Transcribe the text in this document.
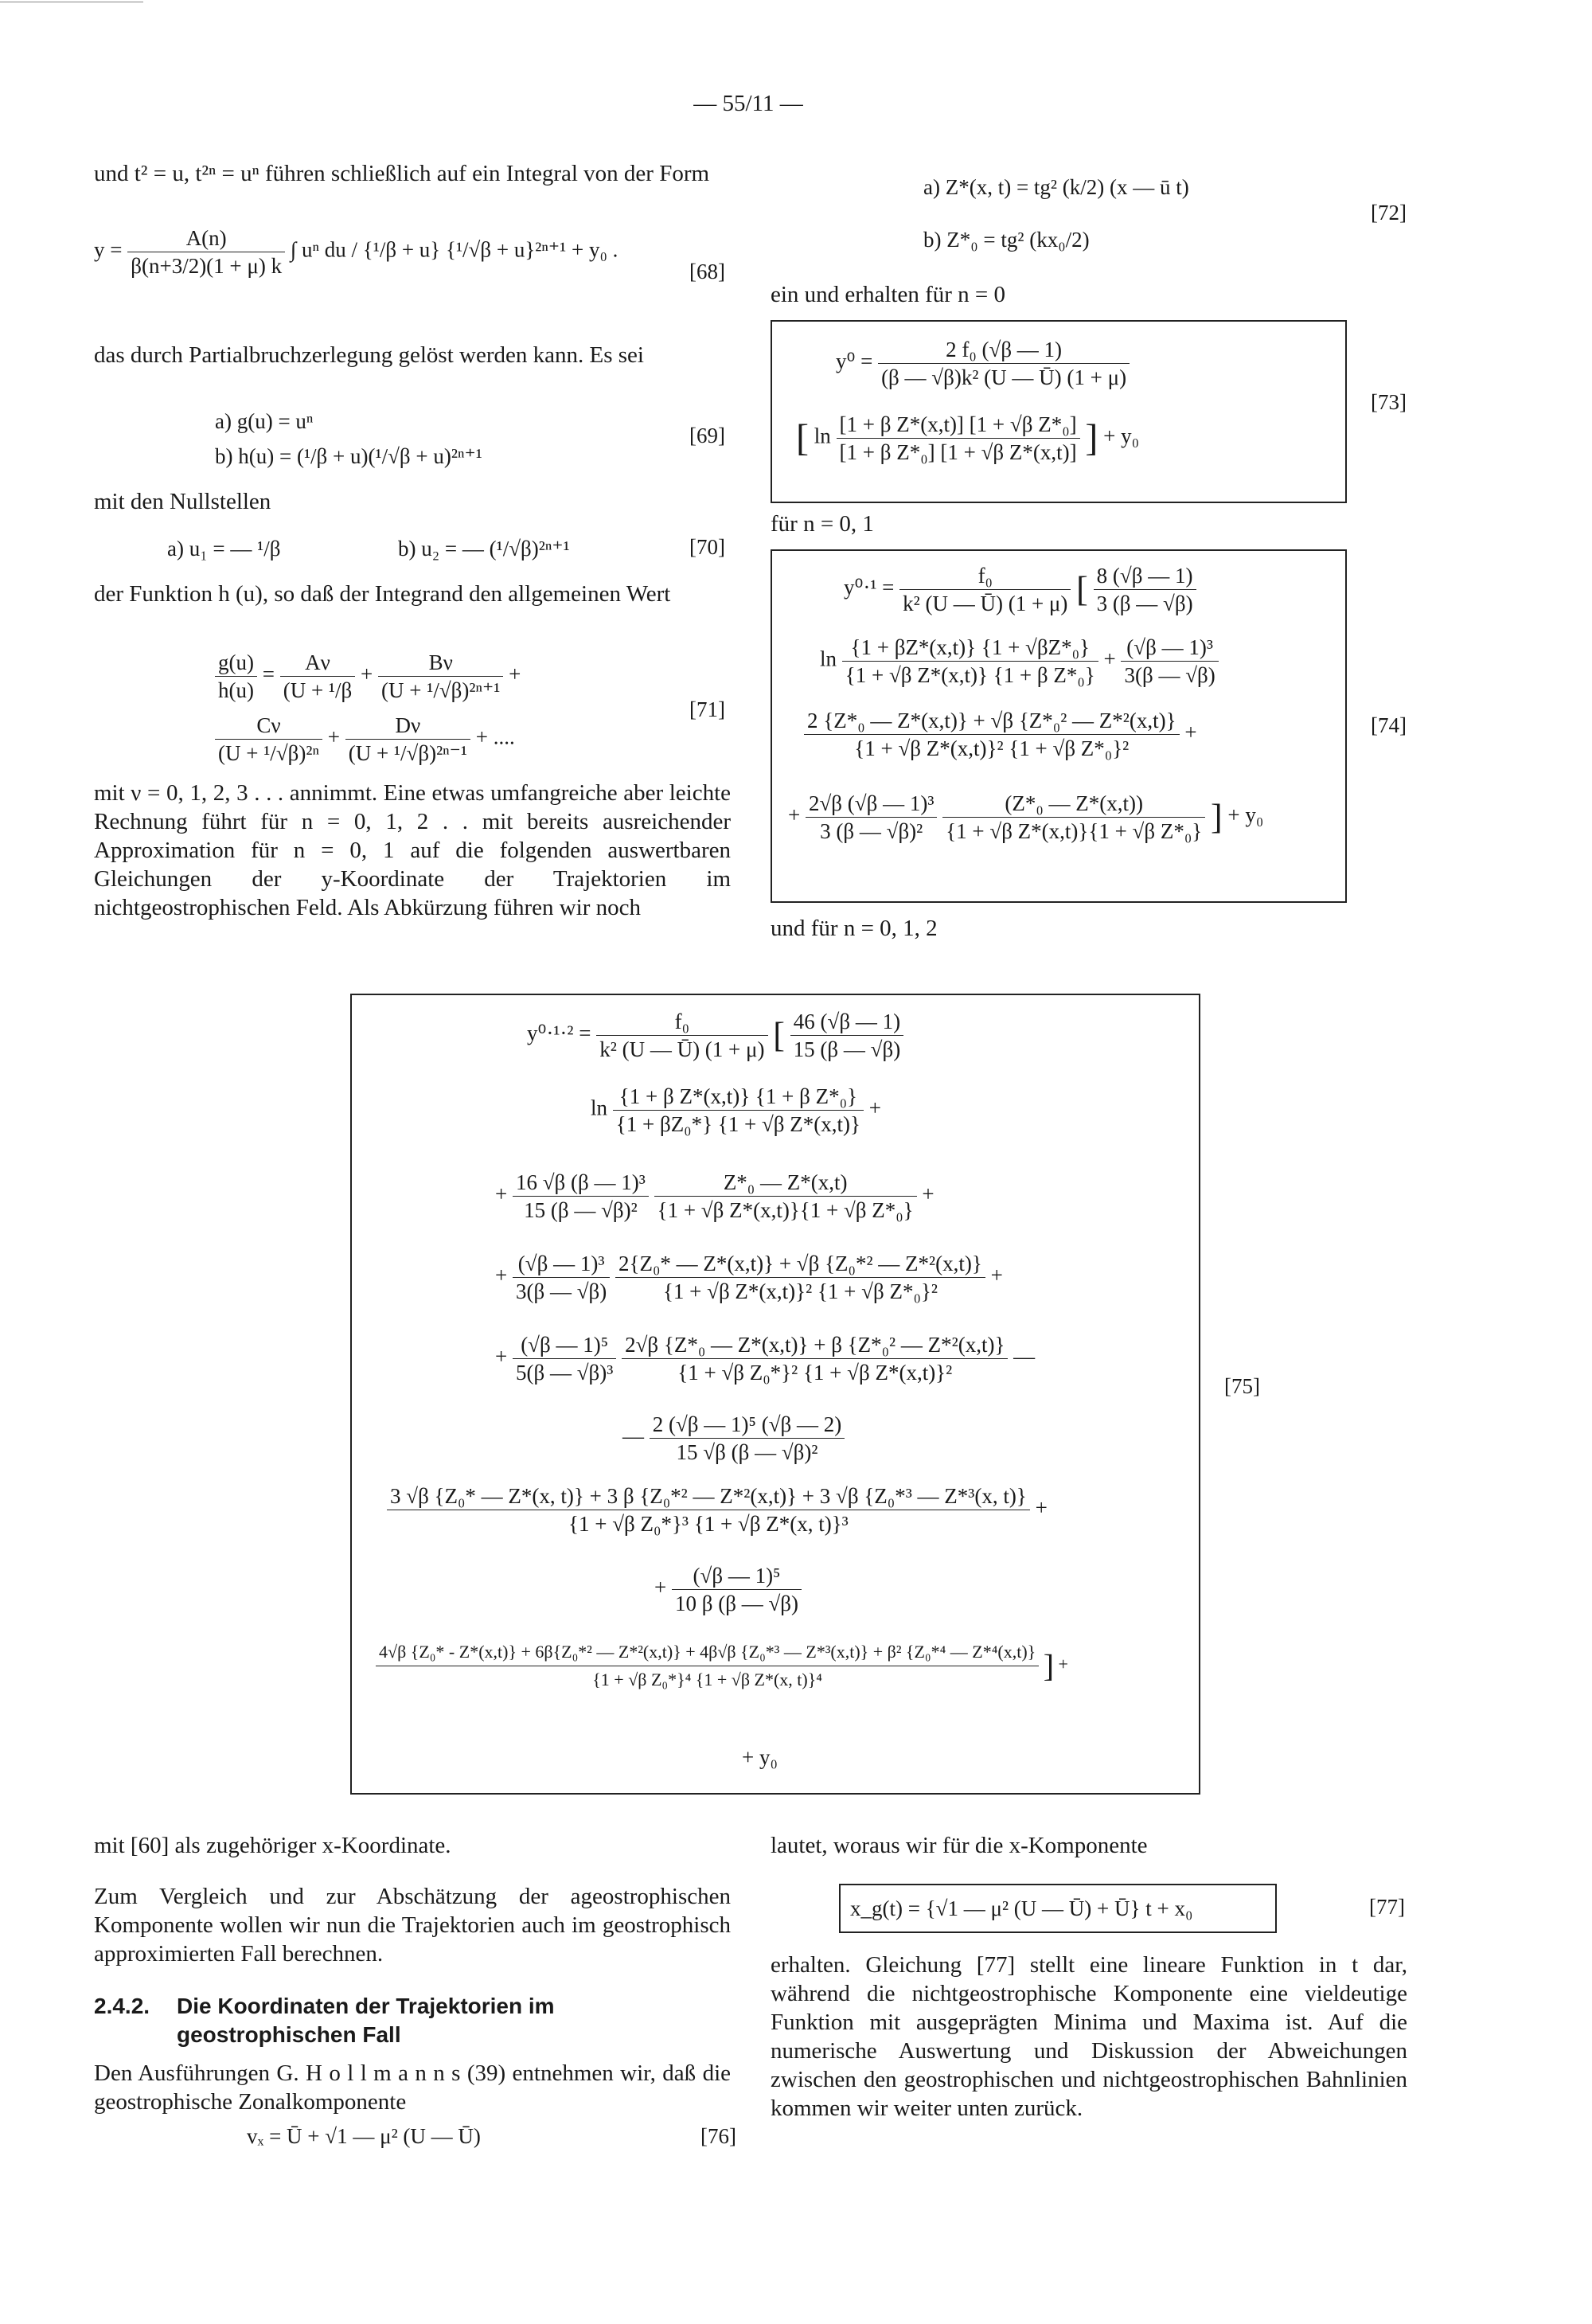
— 55/11 —
und t² = u, t²ⁿ = uⁿ führen schließlich auf ein Integral von der Form
$y = \frac{A(n)}{\beta(n+3/2)(1 + \mu) k}$ ∫ uⁿ du / {¹/β + u} {¹/√β + u}²ⁿ⁺¹ + y₀ .
[68]
das durch Partialbruchzerlegung gelöst werden kann. Es sei
a) g(u) = uⁿ
b) h(u) = (¹/β + u)(¹/√β + u)²ⁿ⁺¹
[69]
mit den Nullstellen
a) u₁ = — ¹/β	b) u₂ = — (¹/√β)²ⁿ⁺¹	[70]
der Funktion h (u), so daß der Integrand den allgemeinen Wert
$\frac{g(u)}{h(u)} = \frac{A\nu}{\text{(U + ¹/β}} + \frac{B\nu}{\text{(U + ¹/√β)²ⁿ⁺¹}}$ +
$\frac{C\nu}{\text{(U + ¹/√β)²ⁿ}} + \frac{D\nu}{\text{(U + ¹/√β)²ⁿ⁻¹}}$ + ....
[71]
mit ν = 0, 1, 2, 3 . . . annimmt. Eine etwas umfangreiche aber leichte Rechnung führt für n = 0, 1, 2 . . mit bereits ausreichender Approximation für n = 0, 1 auf die folgenden auswertbaren Gleichungen der y-Koordinate der Trajektorien im nichtgeostrophischen Feld. Als Abkürzung führen wir noch
a) Z*(x, t) = tg² (k/2) (x — ū t)
b) Z*₀ = tg² (kx₀/2)
[72]
ein und erhalten für n = 0
$y^0 = \frac{\text{2 f₀ (√β — 1)}}{\text{(β — √β)k² (U — Ū) (1 + μ)}}$
[ $\ln \frac{\text{[1 + β Z*(x,t)] [1 + √β Z*₀]}}{\text{[1 + β Z*₀] [1 + √β Z*(x,t)]}}$ ] + y₀
[73]
für n = 0, 1
$y^0\cdot^1 = \frac{\text{f₀}}{\text{k² (U — Ū) (1 + μ)}}$ [ $\frac{8 (√\beta — 1)}{3 (\beta — √\beta)}$
$\ln \frac{\text{\{1 + βZ*(x,t)\} \{1 + √βZ*₀\}}}{\text{\{1 + √β Z*(x,t)\} \{1 + β Z*₀\}}} + \frac{\text{(√β — 1)³}}{3(\beta — √\beta)}$
$\frac{\text{2 \{Z*₀ — Z*(x,t)\} + √β \{Z*₀² — Z*²(x,t)\}}}{\text{\{1 + √β Z*(x,t)\}² \{1 + √β Z*₀\}²}}$ +
+ $\frac{\text{2√β (√β — 1)³}}{\text{3 (β — √β)²}}$
$\frac{\text{(Z*₀ — Z*(x,t))}}{\text{\{1 + √β Z*(x,t)\}\{1 + √β Z*₀\}}}$ ] + y₀
[74]
und für n = 0, 1, 2
$y^0\cdot^1\cdot^2 = \frac{\text{f₀}}{\text{k² (U — Ū) (1 + μ)}}$ [ $\frac{46 (√\beta — 1)}{15 (\beta — √\beta)}$
$\ln \frac{\text{\{1 + β Z*(x,t)\} \{1 + β Z*₀\}}}{\text{\{1 + βZ₀*\} \{1 + √β Z*(x,t)\}}}$ +
+ $\frac{\text{16 √β (β — 1)³}}{\text{15 (β — √β)²}}$
$\frac{\text{Z*₀ — Z*(x,t)}}{\text{\{1 + √β Z*(x,t)\}\{1 + √β Z*₀\}}}$ +
+ $\frac{\text{(√β — 1)³}}{3(\beta — √\beta)}$
$\frac{\text{2\{Z₀* — Z*(x,t)\} + √β \{Z₀*² — Z*²(x,t)\}}}{\text{\{1 + √β Z*(x,t)\}² \{1 + √β Z*₀\}²}}$ +
+ $\frac{\text{(√β — 1)⁵}}{\text{5(β — √β)³}}$
$\frac{\text{2√β \{Z*₀ — Z*(x,t)\} + β \{Z*₀² — Z*²(x,t)\}}}{\text{\{1 + √β Z₀*\}² \{1 + √β Z*(x,t)\}²}}$ —
— $\frac{\text{2 (√β — 1)⁵ (√β — 2)}}{\text{15 √β (β — √β)²}}$
3 √β {Z₀* — Z*(x, t)} + 3 β {Z₀*² — Z*²(x,t)} + 3 √β {Z₀*³ — Z*³(x, t)}
{1 + √β Z₀*}³ {1 + √β Z*(x, t)}³
+
+ $\frac{\text{(√β — 1)⁵}}{10 \beta (\beta — √\beta)}$
4√β {Z₀* - Z*(x,t)} + 6β{Z₀*² — Z*²(x,t)} + 4β√β {Z₀*³ — Z*³(x,t)} + β² {Z₀*⁴ — Z*⁴(x,t)}
{1 + √β Z₀*}⁴ {1 + √β Z*(x, t)}⁴	] +
+ y₀
[75]
mit [60] als zugehöriger x-Koordinate.
Zum Vergleich und zur Abschätzung der ageostrophischen Komponente wollen wir nun die Trajektorien auch im geostrophisch approximierten Fall berechnen.
2.4.2. Die Koordinaten der Trajektorien im geostrophischen Fall
Den Ausführungen G. H o l l m a n n s (39) entnehmen wir, daß die geostrophische Zonalkomponente
vₓ = Ū + √1 — μ² (U — Ū)	[76]
lautet, woraus wir für die x-Komponente
x_g(t) = {√1 — μ² (U — Ū) + Ū} t + x₀	[77]
erhalten. Gleichung [77] stellt eine lineare Funktion in t dar, während die nichtgeostrophische Komponente eine vieldeutige Funktion mit ausgeprägten Minima und Maxima ist. Auf die numerische Auswertung und Diskussion der Abweichungen zwischen den geostrophischen und nichtgeostrophischen Bahnlinien kommen wir weiter unten zurück.
